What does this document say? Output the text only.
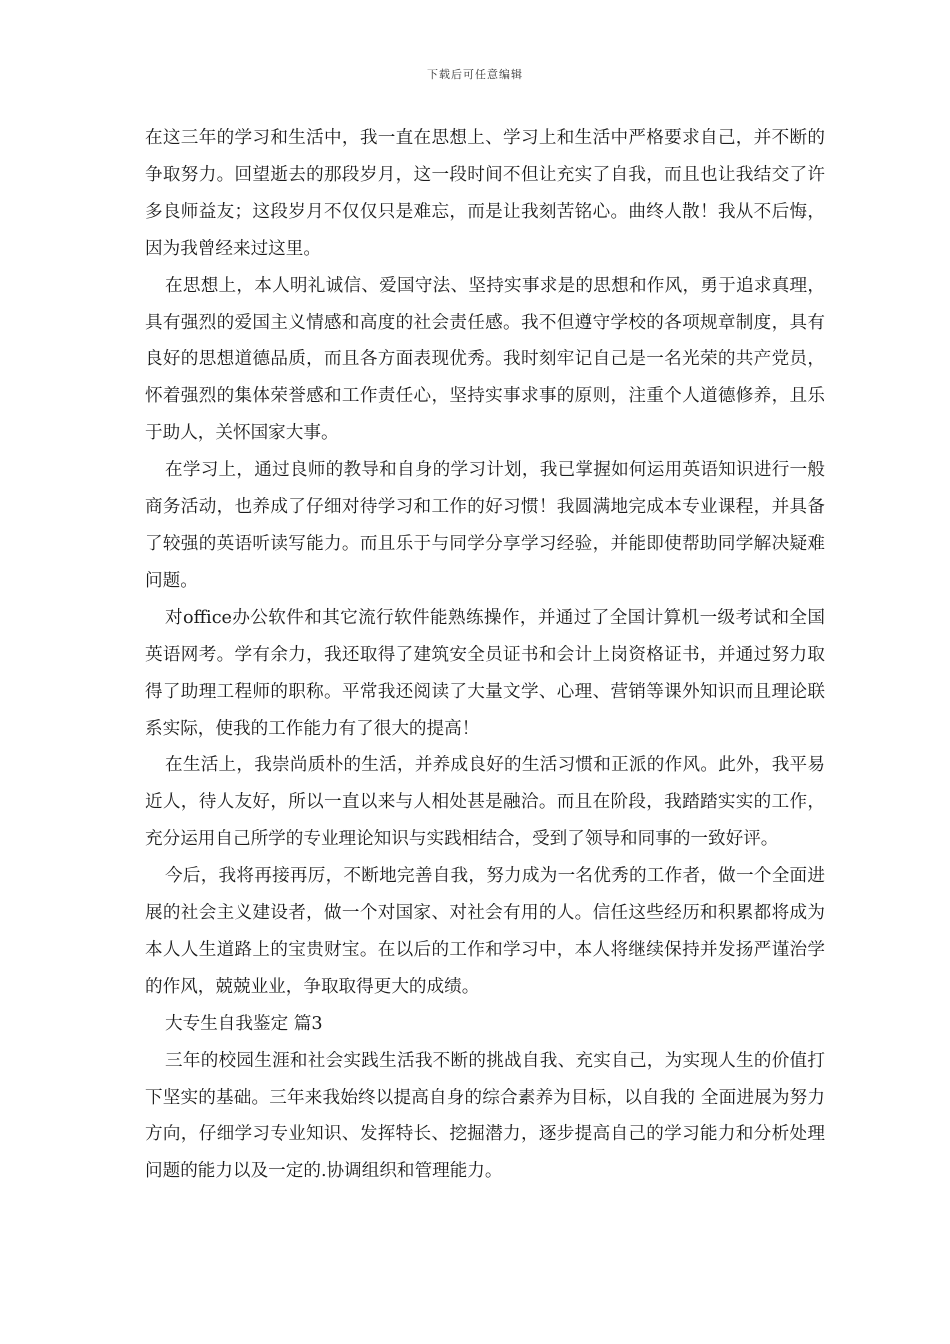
下载后可任意编辑

在这三年的学习和生活中，我一直在思想上、学习上和生活中严格要求自己，并不断的争取努力。回望逝去的那段岁月，这一段时间不但让充实了自我，而且也让我结交了许多良师益友；这段岁月不仅仅只是难忘，而是让我刻苦铭心。曲终人散！我从不后悔，因为我曾经来过这里。

在思想上，本人明礼诚信、爱国守法、坚持实事求是的思想和作风，勇于追求真理，具有强烈的爱国主义情感和高度的社会责任感。我不但遵守学校的各项规章制度，具有良好的思想道德品质，而且各方面表现优秀。我时刻牢记自己是一名光荣的共产党员，怀着强烈的集体荣誉感和工作责任心，坚持实事求事的原则，注重个人道德修养，且乐于助人，关怀国家大事。

在学习上，通过良师的教导和自身的学习计划，我已掌握如何运用英语知识进行一般商务活动，也养成了仔细对待学习和工作的好习惯！我圆满地完成本专业课程，并具备了较强的英语听读写能力。而且乐于与同学分享学习经验，并能即使帮助同学解决疑难问题。

对office办公软件和其它流行软件能熟练操作，并通过了全国计算机一级考试和全国英语网考。学有余力，我还取得了建筑安全员证书和会计上岗资格证书，并通过努力取得了助理工程师的职称。平常我还阅读了大量文学、心理、营销等课外知识而且理论联系实际，使我的工作能力有了很大的提高！

在生活上，我崇尚质朴的生活，并养成良好的生活习惯和正派的作风。此外，我平易近人，待人友好，所以一直以来与人相处甚是融洽。而且在阶段，我踏踏实实的工作，充分运用自己所学的专业理论知识与实践相结合，受到了领导和同事的一致好评。

今后，我将再接再厉，不断地完善自我，努力成为一名优秀的工作者，做一个全面进展的社会主义建设者，做一个对国家、对社会有用的人。信任这些经历和积累都将成为本人人生道路上的宝贵财宝。在以后的工作和学习中，本人将继续保持并发扬严谨治学的作风，兢兢业业，争取取得更大的成绩。

大专生自我鉴定 篇3

三年的校园生涯和社会实践生活我不断的挑战自我、充实自己，为实现人生的价值打下坚实的基础。三年来我始终以提高自身的综合素养为目标，以自我的 全面进展为努力方向，仔细学习专业知识、发挥特长、挖掘潜力，逐步提高自己的学习能力和分析处理问题的能力以及一定的.协调组织和管理能力。
